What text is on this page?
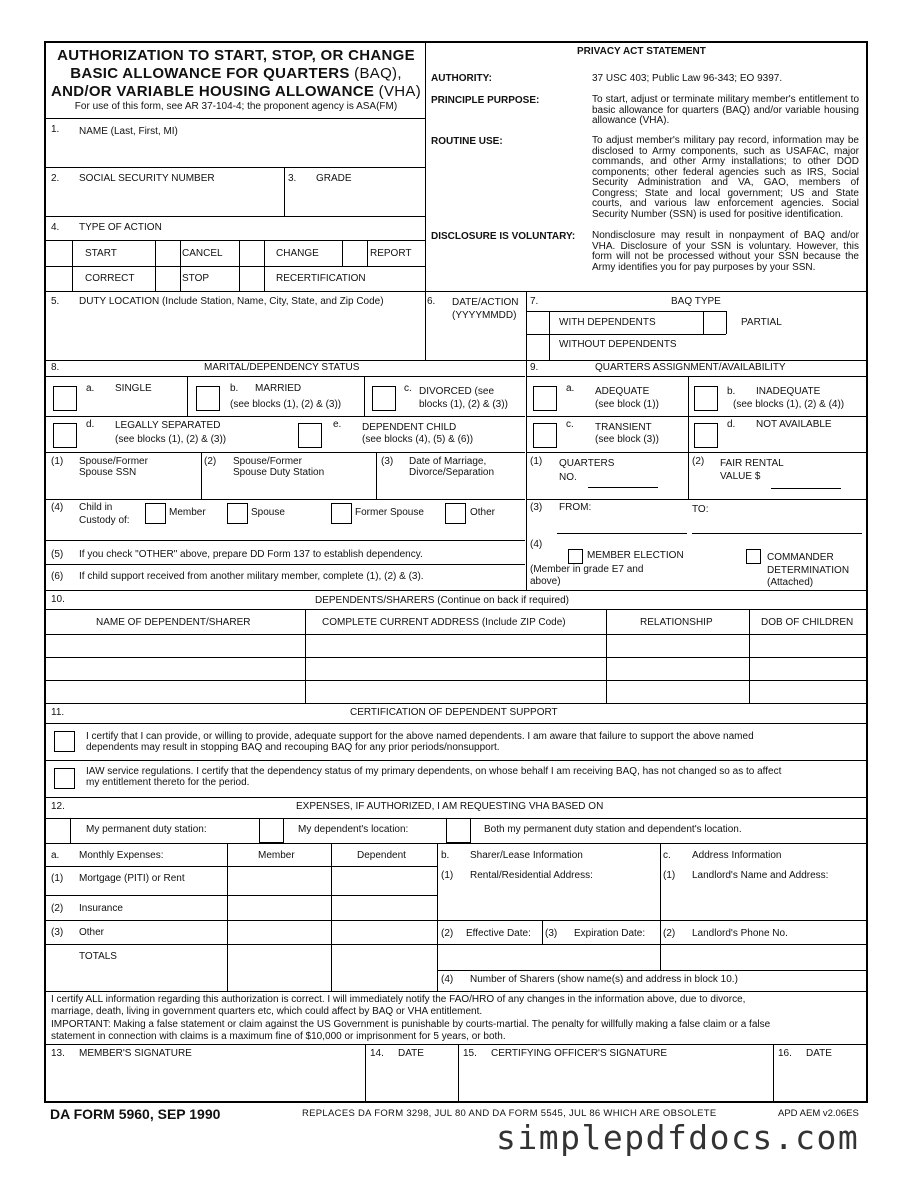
AUTHORIZATION TO START, STOP, OR CHANGE
BASIC ALLOWANCE FOR QUARTERS (BAQ),
AND/OR VARIABLE HOUSING ALLOWANCE (VHA)
For use of this form, see AR 37-104-4; the proponent agency is ASA(FM)
PRIVACY ACT STATEMENT
AUTHORITY:	37 USC 403; Public Law 96-343; EO 9397.
PRINCIPLE PURPOSE:	To start, adjust or terminate military member's entitlement to basic allowance for quarters (BAQ) and/or variable housing allowance (VHA).
ROUTINE USE:	To adjust member's military pay record, information may be disclosed to Army components, such as USAFAC, major commands, and other Army installations; to other DOD components; other federal agencies such as IRS, Social Security Administration and VA, GAO, members of Congress; State and local government; US and State courts, and various law enforcement agencies. Social Security Number (SSN) is used for positive identification.
DISCLOSURE IS VOLUNTARY: Nondisclosure may result in nonpayment of BAQ and/or VHA. Disclosure of your SSN is voluntary. However, this form will not be processed without your SSN because the Army identifies you for pay purposes by your SSN.
1. NAME (Last, First, MI)
2. SOCIAL SECURITY NUMBER	3. GRADE
4. TYPE OF ACTION
START	CANCEL	CHANGE	REPORT
CORRECT	STOP	RECERTIFICATION
5. DUTY LOCATION (Include Station, Name, City, State, and Zip Code)	6. DATE/ACTION
(YYYYMMDD)
7.	BAQ TYPE
WITH DEPENDENTS	PARTIAL
WITHOUT DEPENDENTS
8.	MARITAL/DEPENDENCY STATUS
a. SINGLE	b. MARRIED
(see blocks (1), (2) & (3))
c. DIVORCED (see
blocks (1), (2) & (3))
d. LEGALLY SEPARATED
(see blocks (1), (2) & (3))
e. DEPENDENT CHILD
(see blocks (4), (5) & (6))
(1) Spouse/Former
Spouse SSN
(2) Spouse/Former
Spouse Duty Station
(3) Date of Marriage,
Divorce/Separation
(4) Child in
Custody of:
Member	Spouse	Former Spouse	Other
(5) If you check "OTHER" above, prepare DD Form 137 to establish dependency.
(6) If child support received from another military member, complete (1), (2) & (3).
9.	QUARTERS ASSIGNMENT/AVAILABILITY
a. ADEQUATE
(see block (1))
b. INADEQUATE
(see blocks (1), (2) & (4))
c. TRANSIENT
(see block (3))
d. NOT AVAILABLE
(1) QUARTERS
NO.
(2) FAIR RENTAL
VALUE $
(3) FROM:	TO:
(4)
MEMBER ELECTION
(Member in grade E7 and
above)
COMMANDER
DETERMINATION
(Attached)
10.	DEPENDENTS/SHARERS (Continue on back if required)
NAME OF DEPENDENT/SHARER	COMPLETE CURRENT ADDRESS (Include ZIP Code)	RELATIONSHIP	DOB OF CHILDREN
11.	CERTIFICATION OF DEPENDENT SUPPORT
I certify that I can provide, or willing to provide, adequate support for the above named dependents. I am aware that failure to support the above named
dependents may result in stopping BAQ and recouping BAQ for any prior periods/nonsupport.
IAW service regulations. I certify that the dependency status of my primary dependents, on whose behalf I am receiving BAQ, has not changed so as to affect
my entitlement thereto for the period.
12.	EXPENSES, IF AUTHORIZED, I AM REQUESTING VHA BASED ON
My permanent duty station:	My dependent's location:	Both my permanent duty station and dependent's location.
a. Monthly Expenses:	Member	Dependent	b. Sharer/Lease Information	c. Address Information
(1) Mortgage (PITI) or Rent
(2) Insurance
(3) Other
TOTALS
(1) Rental/Residential Address:
(2) Effective Date: (3) Expiration Date:
(4) Number of Sharers (show name(s) and address in block 10.)
(1) Landlord's Name and Address:
(2) Landlord's Phone No.
I certify ALL information regarding this authorization is correct. I will immediately notify the FAO/HRO of any changes in the information above, due to divorce,
marriage, death, living in government quarters etc, which could affect by BAQ or VHA entitlement.
IMPORTANT: Making a false statement or claim against the US Government is punishable by courts-martial. The penalty for willfully making a false claim or a false
statement in connection with claims is a maximum fine of $10,000 or imprisonment for 5 years, or both.
13. MEMBER'S SIGNATURE	14. DATE	15. CERTIFYING OFFICER'S SIGNATURE	16. DATE
DA FORM 5960, SEP 1990	REPLACES DA FORM 3298, JUL 80 AND DA FORM 5545, JUL 86 WHICH ARE OBSOLETE	APD AEM v2.06ES
simplepdfdocs.com
